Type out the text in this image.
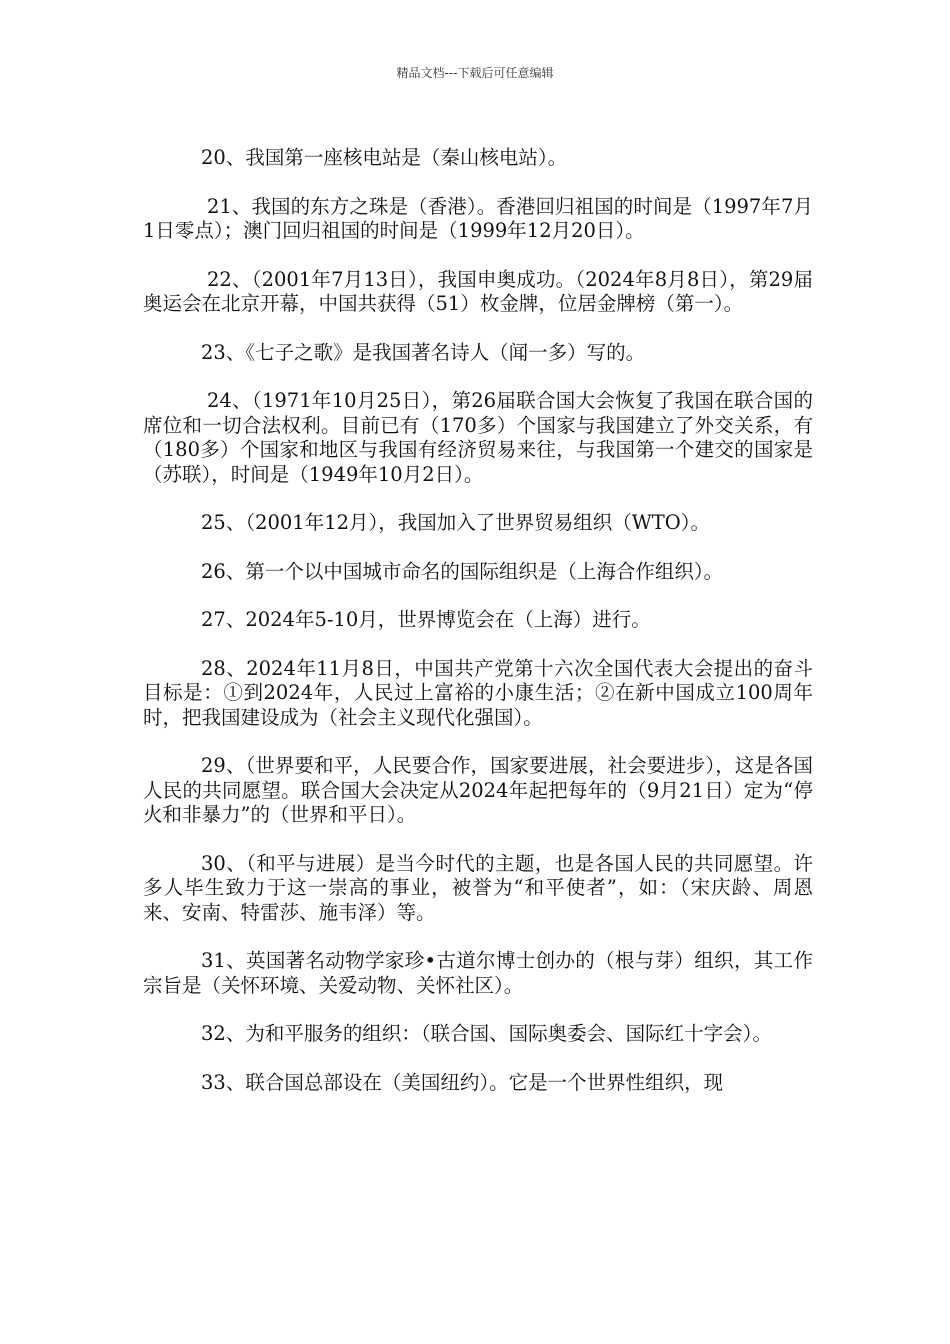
精品文档---下载后可任意编辑

20、我国第一座核电站是（秦山核电站）。

21、我国的东方之珠是（香港）。香港回归祖国的时间是（1997年7月1日零点）；澳门回归祖国的时间是（1999年12月20日）。

22、（2001年7月13日），我国申奥成功。（2024年8月8日），第29届奥运会在北京开幕，中国共获得（51）枚金牌，位居金牌榜（第一）。

23、《七子之歌》是我国著名诗人（闻一多）写的。

24、（1971年10月25日），第26届联合国大会恢复了我国在联合国的席位和一切合法权利。目前已有（170多）个国家与我国建立了外交关系，有（180多）个国家和地区与我国有经济贸易来往，与我国第一个建交的国家是（苏联），时间是（1949年10月2日）。

25、（2001年12月），我国加入了世界贸易组织（WTO）。

26、第一个以中国城市命名的国际组织是（上海合作组织）。

27、2024年5-10月，世界博览会在（上海）进行。

28、2024年11月8日，中国共产党第十六次全国代表大会提出的奋斗目标是：①到2024年，人民过上富裕的小康生活；②在新中国成立100周年时，把我国建设成为（社会主义现代化强国）。

29、（世界要和平，人民要合作，国家要进展，社会要进步），这是各国人民的共同愿望。联合国大会决定从2024年起把每年的（9月21日）定为“停火和非暴力”的（世界和平日）。

30、（和平与进展）是当今时代的主题，也是各国人民的共同愿望。许多人毕生致力于这一崇高的事业，被誉为“和平使者”，如：（宋庆龄、周恩来、安南、特雷莎、施韦泽）等。

31、英国著名动物学家珍•古道尔博士创办的（根与芽）组织，其工作宗旨是（关怀环境、关爱动物、关怀社区）。

32、为和平服务的组织：（联合国、国际奥委会、国际红十字会）。

33、联合国总部设在（美国纽约）。它是一个世界性组织，现
